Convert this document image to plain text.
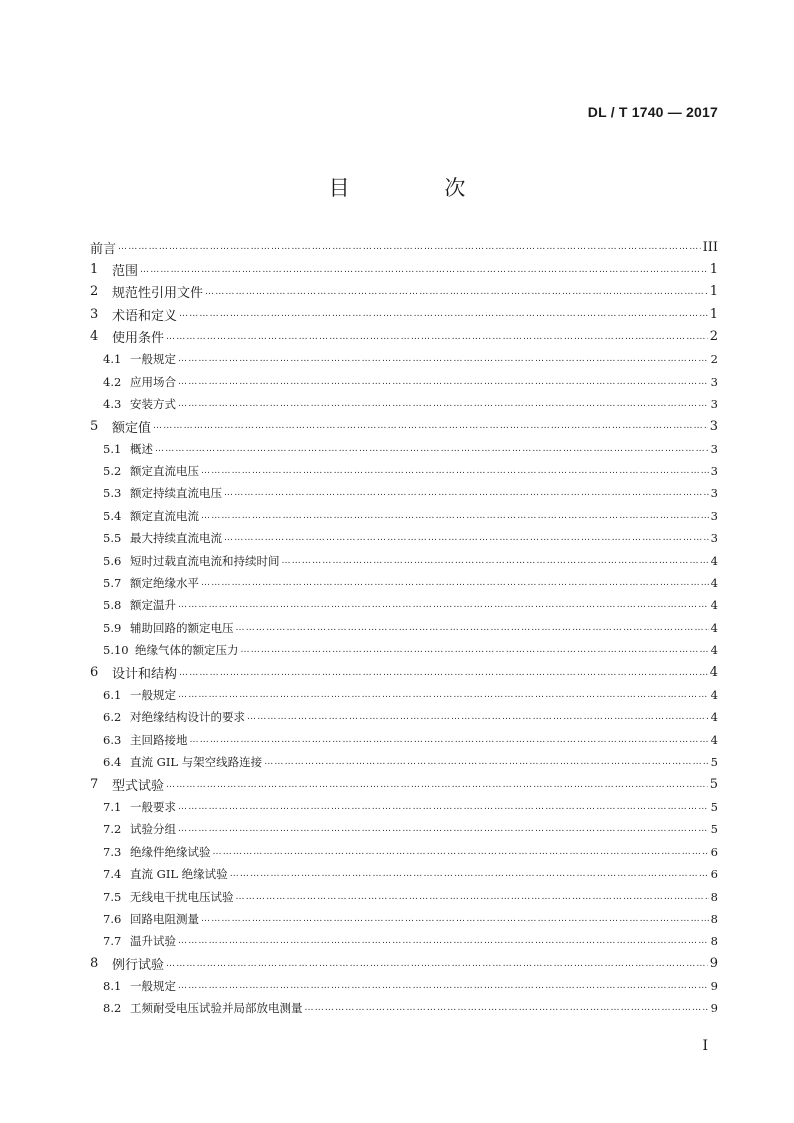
DL / T 1740 — 2017
目 次
前言 ……………………………………………………………………………………………………………………………………………………………………………………………………………………………………………………	III
1	范围 ……………………………………………………………………………………………………………………………………………………………………………………………………………………………………………………	1
2	规范性引用文件 ……………………………………………………………………………………………………………………………………………………………………………………………………………………………………………………	1
3	术语和定义 ……………………………………………………………………………………………………………………………………………………………………………………………………………………………………………………	1
4	使用条件 ……………………………………………………………………………………………………………………………………………………………………………………………………………………………………………………	2
4.1 一般规定 ……………………………………………………………………………………………………………………………………………………………………………………………………………………………………………………	2
4.2 应用场合 ……………………………………………………………………………………………………………………………………………………………………………………………………………………………………………………	3
4.3 安装方式 ……………………………………………………………………………………………………………………………………………………………………………………………………………………………………………………	3
5	额定值 ……………………………………………………………………………………………………………………………………………………………………………………………………………………………………………………	3
5.1 概述 ……………………………………………………………………………………………………………………………………………………………………………………………………………………………………………………	3
5.2 额定直流电压 ……………………………………………………………………………………………………………………………………………………………………………………………………………………………………………………	3
5.3 额定持续直流电压 ……………………………………………………………………………………………………………………………………………………………………………………………………………………………………………………	3
5.4 额定直流电流 ……………………………………………………………………………………………………………………………………………………………………………………………………………………………………………………	3
5.5 最大持续直流电流 ……………………………………………………………………………………………………………………………………………………………………………………………………………………………………………………	3
5.6 短时过载直流电流和持续时间 ……………………………………………………………………………………………………………………………………………………………………………………………………………………………………………………	4
5.7 额定绝缘水平 ……………………………………………………………………………………………………………………………………………………………………………………………………………………………………………………	4
5.8 额定温升 ……………………………………………………………………………………………………………………………………………………………………………………………………………………………………………………	4
5.9 辅助回路的额定电压 ……………………………………………………………………………………………………………………………………………………………………………………………………………………………………………………	4
5.10 绝缘气体的额定压力 ……………………………………………………………………………………………………………………………………………………………………………………………………………………………………………………	4
6	设计和结构 ……………………………………………………………………………………………………………………………………………………………………………………………………………………………………………………	4
6.1 一般规定 ……………………………………………………………………………………………………………………………………………………………………………………………………………………………………………………	4
6.2 对绝缘结构设计的要求 ……………………………………………………………………………………………………………………………………………………………………………………………………………………………………………………	4
6.3 主回路接地 ……………………………………………………………………………………………………………………………………………………………………………………………………………………………………………………	4
6.4 直流 GIL 与架空线路连接 ……………………………………………………………………………………………………………………………………………………………………………………………………………………………………………………	5
7	型式试验 ……………………………………………………………………………………………………………………………………………………………………………………………………………………………………………………	5
7.1 一般要求 ……………………………………………………………………………………………………………………………………………………………………………………………………………………………………………………	5
7.2 试验分组 ……………………………………………………………………………………………………………………………………………………………………………………………………………………………………………………	5
7.3 绝缘件绝缘试验 ……………………………………………………………………………………………………………………………………………………………………………………………………………………………………………………	6
7.4 直流 GIL 绝缘试验 ……………………………………………………………………………………………………………………………………………………………………………………………………………………………………………………	6
7.5 无线电干扰电压试验 ……………………………………………………………………………………………………………………………………………………………………………………………………………………………………………………	8
7.6 回路电阻测量 ……………………………………………………………………………………………………………………………………………………………………………………………………………………………………………………	8
7.7 温升试验 ……………………………………………………………………………………………………………………………………………………………………………………………………………………………………………………	8
8	例行试验 ……………………………………………………………………………………………………………………………………………………………………………………………………………………………………………………	9
8.1 一般规定 ……………………………………………………………………………………………………………………………………………………………………………………………………………………………………………………	9
8.2 工频耐受电压试验并局部放电测量 ……………………………………………………………………………………………………………………………………………………………………………………………………………………………………………………	9
I
